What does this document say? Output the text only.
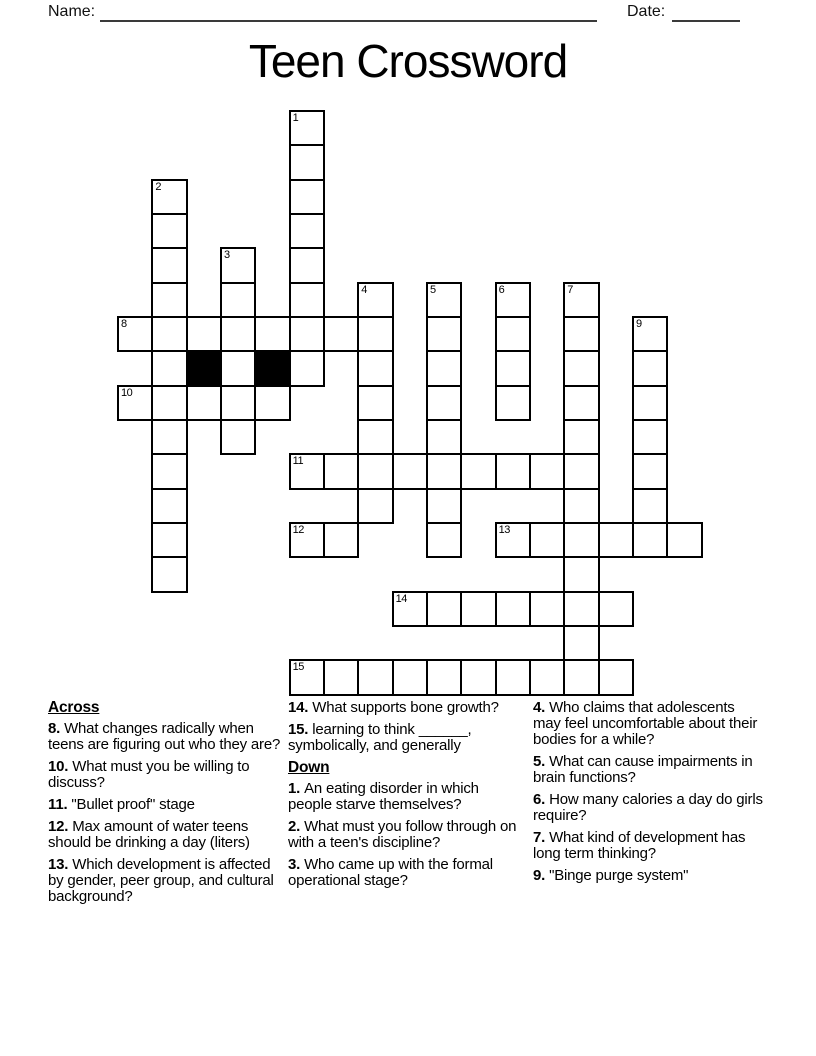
Name:	Date:
Teen Crossword
1
2
3
4	5	6	7
8	9
10
11
12	13
14
15
Across

8. What changes radically when teens are figuring out who they are?

10. What must you be willing to discuss?

11. "Bullet proof" stage

12. Max amount of water teens should be drinking a day (liters)

13. Which development is affected by gender, peer group, and cultural background?

14. What supports bone growth?

15. learning to think ______, symbolically, and generally

Down

1. An eating disorder in which people starve themselves?

2. What must you follow through on with a teen's discipline?

3. Who came up with the formal operational stage?

4. Who claims that adolescents may feel uncomfortable about their bodies for a while?

5. What can cause impairments in brain functions?

6. How many calories a day do girls require?

7. What kind of development has long term thinking?

9. "Binge purge system"
